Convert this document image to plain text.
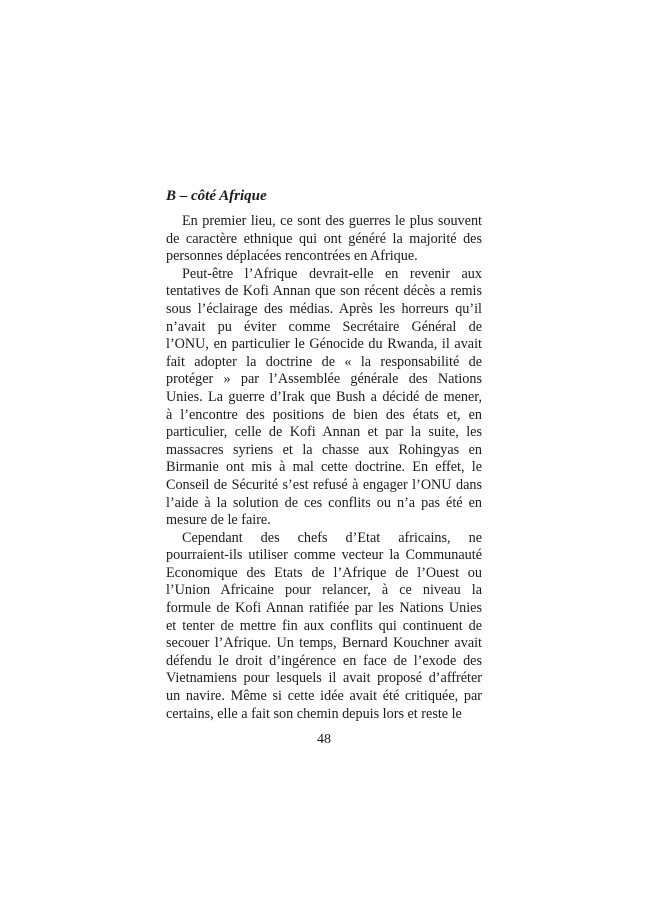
B – côté Afrique
En premier lieu, ce sont des guerres le plus souvent
de caractère ethnique qui ont généré la majorité des
personnes déplacées rencontrées en Afrique.
Peut-être l’Afrique devrait-elle en revenir aux
tentatives de Kofi Annan que son récent décès a remis
sous l’éclairage des médias. Après les horreurs qu’il
n’avait pu éviter comme Secrétaire Général de
l’ONU, en particulier le Génocide du Rwanda, il avait
fait adopter la doctrine de « la responsabilité de
protéger » par l’Assemblée générale des Nations
Unies. La guerre d’Irak que Bush a décidé de mener,
à l’encontre des positions de bien des états et, en
particulier, celle de Kofi Annan et par la suite, les
massacres syriens et la chasse aux Rohingyas en
Birmanie ont mis à mal cette doctrine. En effet, le
Conseil de Sécurité s’est refusé à engager l’ONU dans
l’aide à la solution de ces conflits ou n’a pas été en
mesure de le faire.
Cependant des chefs d’Etat africains, ne
pourraient-ils utiliser comme vecteur la Communauté
Economique des Etats de l’Afrique de l’Ouest ou
l’Union Africaine pour relancer, à ce niveau la
formule de Kofi Annan ratifiée par les Nations Unies
et tenter de mettre fin aux conflits qui continuent de
secouer l’Afrique. Un temps, Bernard Kouchner avait
défendu le droit d’ingérence en face de l’exode des
Vietnamiens pour lesquels il avait proposé d’affréter
un navire. Même si cette idée avait été critiquée, par
certains, elle a fait son chemin depuis lors et reste le
48
